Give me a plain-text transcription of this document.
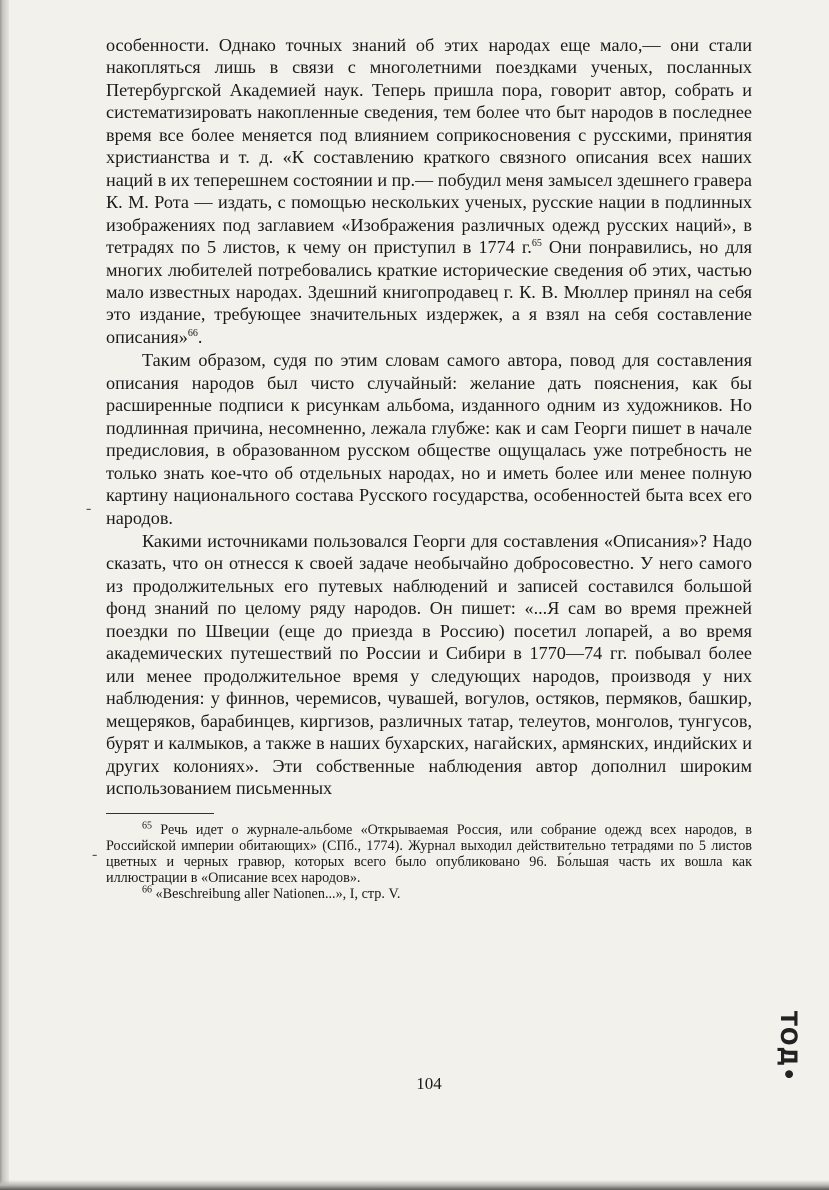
‐
‐

особенности. Однако точных знаний об этих народах еще мало,— они стали накопляться лишь в связи с многолетними поездками ученых, посланных Петербургской Академией наук. Теперь пришла пора, говорит автор, собрать и систематизировать накопленные сведения, тем более что быт народов в последнее время все более меняется под влиянием соприкосновения с русскими, принятия христианства и т. д. «К составлению краткого связного описания всех наших наций в их теперешнем состоянии и пр.— побудил меня замысел здешнего гравера К. М. Рота — издать, с помощью нескольких ученых, русские нации в подлинных изображениях под заглавием «Изображения различных одежд русских наций», в тетрадях по 5 листов, к чему он приступил в 1774 г.$^{65}$ Они понравились, но для многих любителей потребовались краткие исторические сведения об этих, частью мало известных народах. Здешний книгопродавец г. К. В. Мюллер принял на себя это издание, требующее значительных издержек, а я взял на себя составление описания»$^{66}$.

Таким образом, судя по этим словам самого автора, повод для составления описания народов был чисто случайный: желание дать пояснения, как бы расширенные подписи к рисункам альбома, изданного одним из художников. Но подлинная причина, несомненно, лежала глубже: как и сам Георги пишет в начале предисловия, в образованном русском обществе ощущалась уже потребность не только знать кое-что об отдельных народах, но и иметь более или менее полную картину национального состава Русского государства, особенностей быта всех его народов.

Какими источниками пользовался Георги для составления «Описания»? Надо сказать, что он отнесся к своей задаче необычайно добросовестно. У него самого из продолжительных его путевых наблюдений и записей составился большой фонд знаний по целому ряду народов. Он пишет: «...Я сам во время прежней поездки по Швеции (еще до приезда в Россию) посетил лопарей, а во время академических путешествий по России и Сибири в 1770—74 гг. побывал более или менее продолжительное время у следующих народов, производя у них наблюдения: у финнов, черемисов, чувашей, вогулов, остяков, пермяков, башкир, мещеряков, барабинцев, киргизов, различных татар, телеутов, монголов, тунгусов, бурят и калмыков, а также в наших бухарских, нагайских, армянских, индийских и других колониях». Эти собственные наблюдения автор дополнил широким использованием письменных

$^{65}$ Речь идет о журнале-альбоме «Открываемая Россия, или собрание одежд всех народов, в Российской империи обитающих» (СПб., 1774). Журнал выходил действительно тетрадями по 5 листов цветных и черных гравюр, которых всего было опубликовано 96. Бо́льшая часть их вошла как иллюстрации в «Описание всех народов».

$^{66}$ «Beschreibung aller Nationen...», I, стр. V.

104
ТОД•
